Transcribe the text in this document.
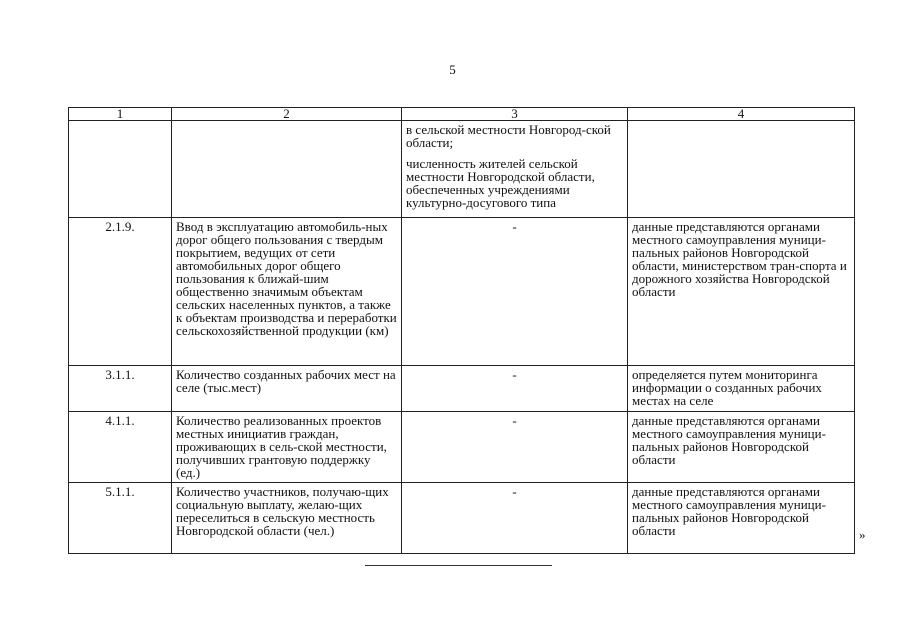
5
1	2	3	4

		в сельской местности Новгород-ской области;
численность жителей сельской местности Новгородской области, обеспеченных учреждениями культурно-досугового типа	

2.1.9.	Ввод в эксплуатацию автомобиль-ных дорог общего пользования с твердым покрытием, ведущих от сети автомобильных дорог общего пользования к ближай-шим общественно значимым объектам сельских населенных пунктов, а также к объектам производства и переработки сельскохозяйственной продукции (км)	-	данные представляются органами местного самоуправления муници-пальных районов Новгородской области, министерством тран-спорта и дорожного хозяйства Новгородской области
3.1.1.	Количество созданных рабочих мест на селе (тыс.мест)	-	определяется путем мониторинга информации о созданных рабочих местах на селе
4.1.1.	Количество реализованных проектов местных инициатив граждан, проживающих в сель-ской местности, получивших грантовую поддержку (ед.)	-	данные представляются органами местного самоуправления муници-пальных районов Новгородской области
5.1.1.	Количество участников, получаю-щих социальную выплату, желаю-щих переселиться в сельскую местность Новгородской области (чел.)	-	данные представляются органами местного самоуправления муници-пальных районов Новгородской области	»
